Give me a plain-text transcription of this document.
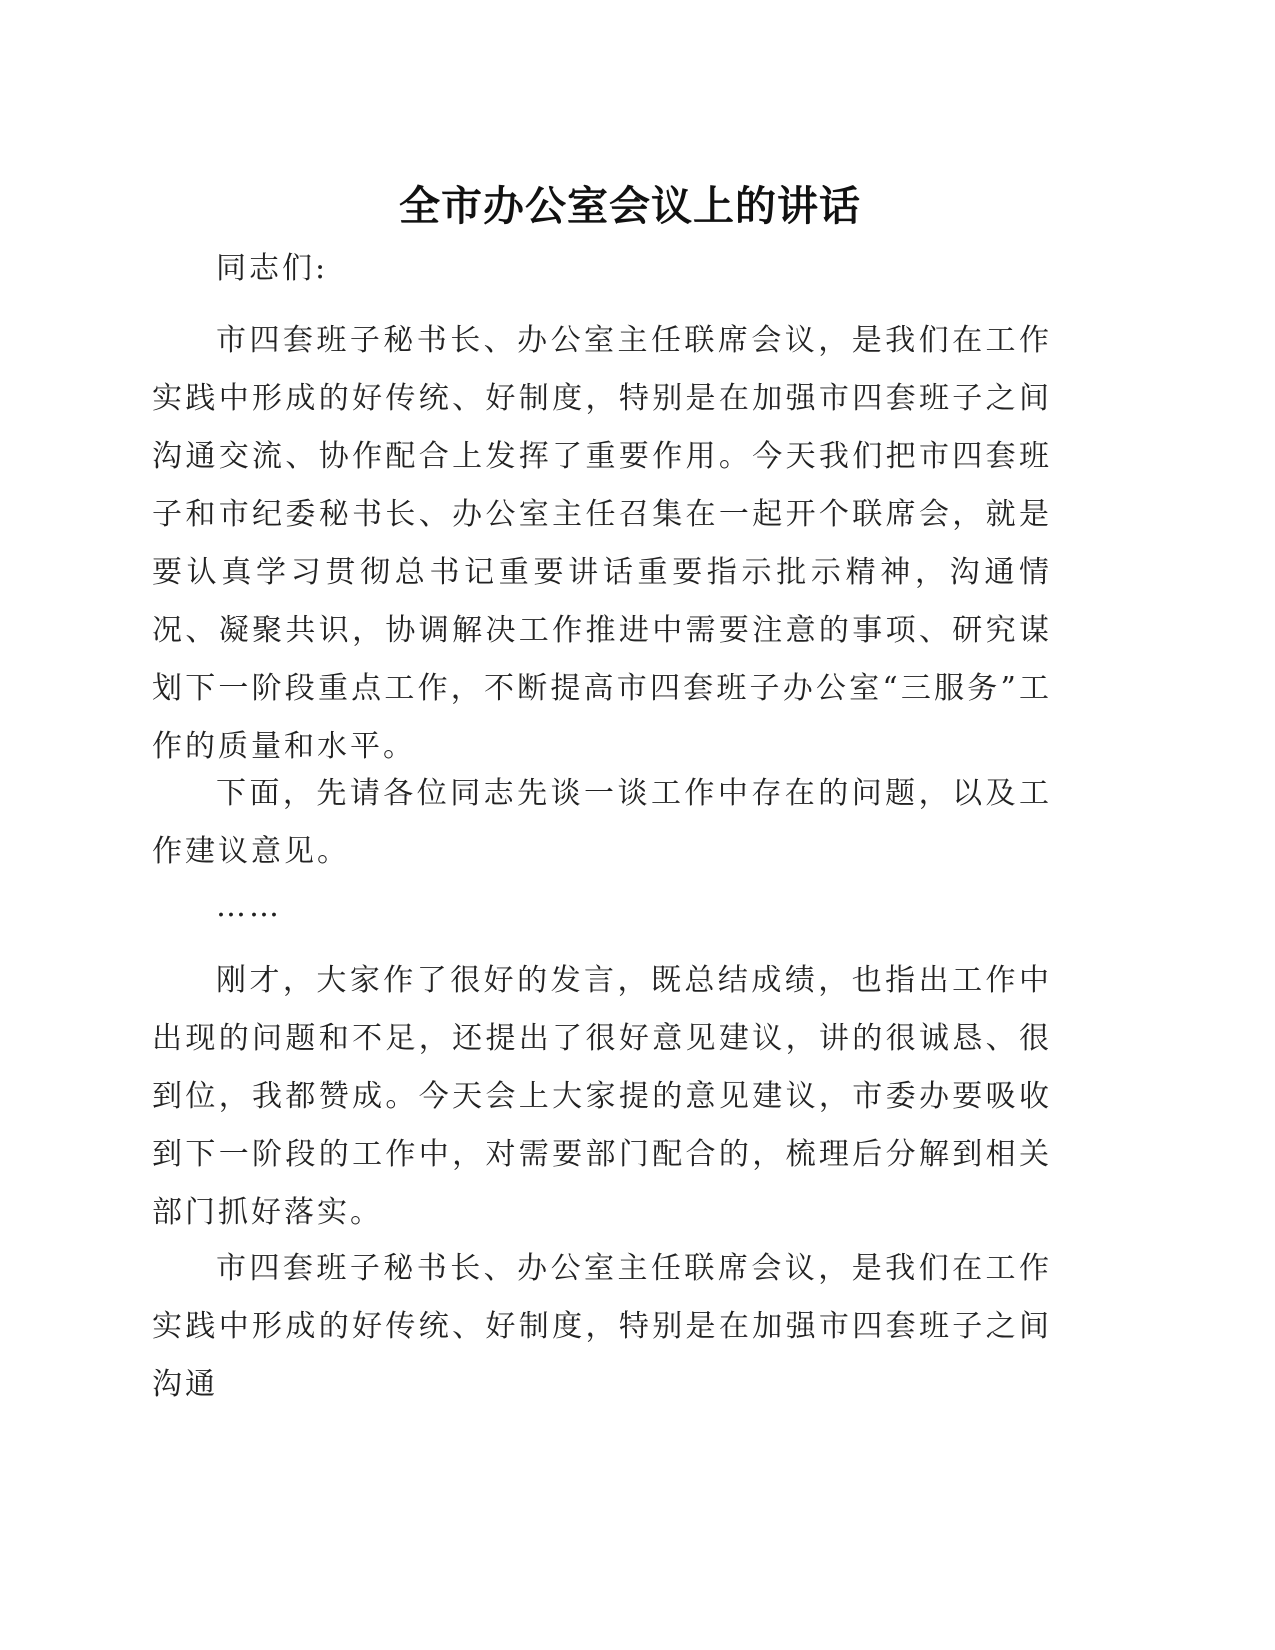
全市办公室会议上的讲话

同志们:

市四套班子秘书长、办公室主任联席会议，是我们在工作实践中形成的好传统、好制度，特别是在加强市四套班子之间沟通交流、协作配合上发挥了重要作用。今天我们把市四套班子和市纪委秘书长、办公室主任召集在一起开个联席会，就是要认真学习贯彻总书记重要讲话重要指示批示精神，沟通情况、凝聚共识，协调解决工作推进中需要注意的事项、研究谋划下一阶段重点工作，不断提高市四套班子办公室“三服务”工作的质量和水平。

下面，先请各位同志先谈一谈工作中存在的问题，以及工作建议意见。

……

刚才，大家作了很好的发言，既总结成绩，也指出工作中出现的问题和不足，还提出了很好意见建议，讲的很诚恳、很到位，我都赞成。今天会上大家提的意见建议，市委办要吸收到下一阶段的工作中，对需要部门配合的，梳理后分解到相关部门抓好落实。

市四套班子秘书长、办公室主任联席会议，是我们在工作实践中形成的好传统、好制度，特别是在加强市四套班子之间沟通
